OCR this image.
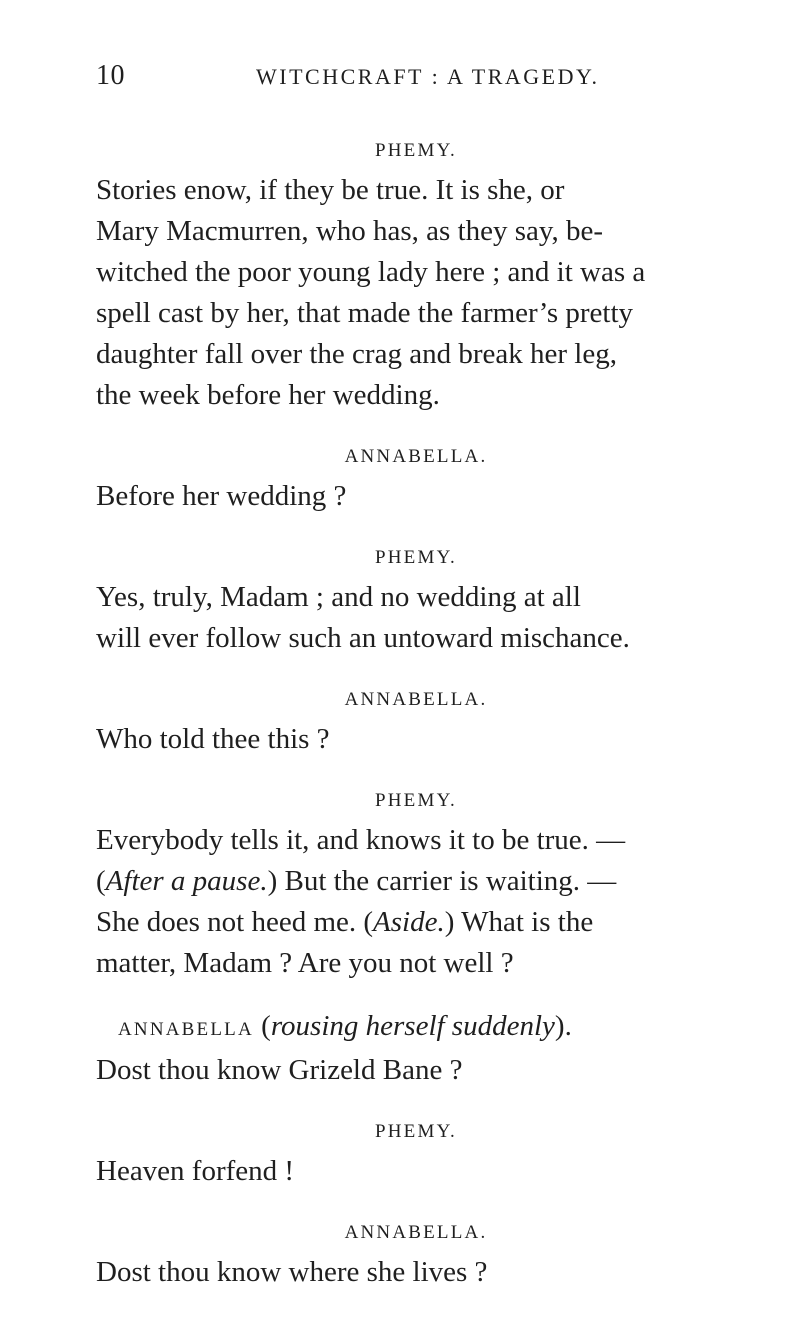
10	WITCHCRAFT : A TRAGEDY.

PHEMY.

Stories enow, if they be true. It is she, or
Mary Macmurren, who has, as they say, be-
witched the poor young lady here ; and it was a
spell cast by her, that made the farmer’s pretty
daughter fall over the crag and break her leg,
the week before her wedding.

ANNABELLA.

Before her wedding ?

PHEMY.

Yes, truly, Madam ; and no wedding at all
will ever follow such an untoward mischance.

ANNABELLA.

Who told thee this ?

PHEMY.

Everybody tells it, and knows it to be true. —
(After a pause.) But the carrier is waiting. —
She does not heed me. (Aside.) What is the
matter, Madam ? Are you not well ?
ANNABELLA (rousing herself suddenly).
Dost thou know Grizeld Bane ?

PHEMY.

Heaven forfend !

ANNABELLA.

Dost thou know where she lives ?
